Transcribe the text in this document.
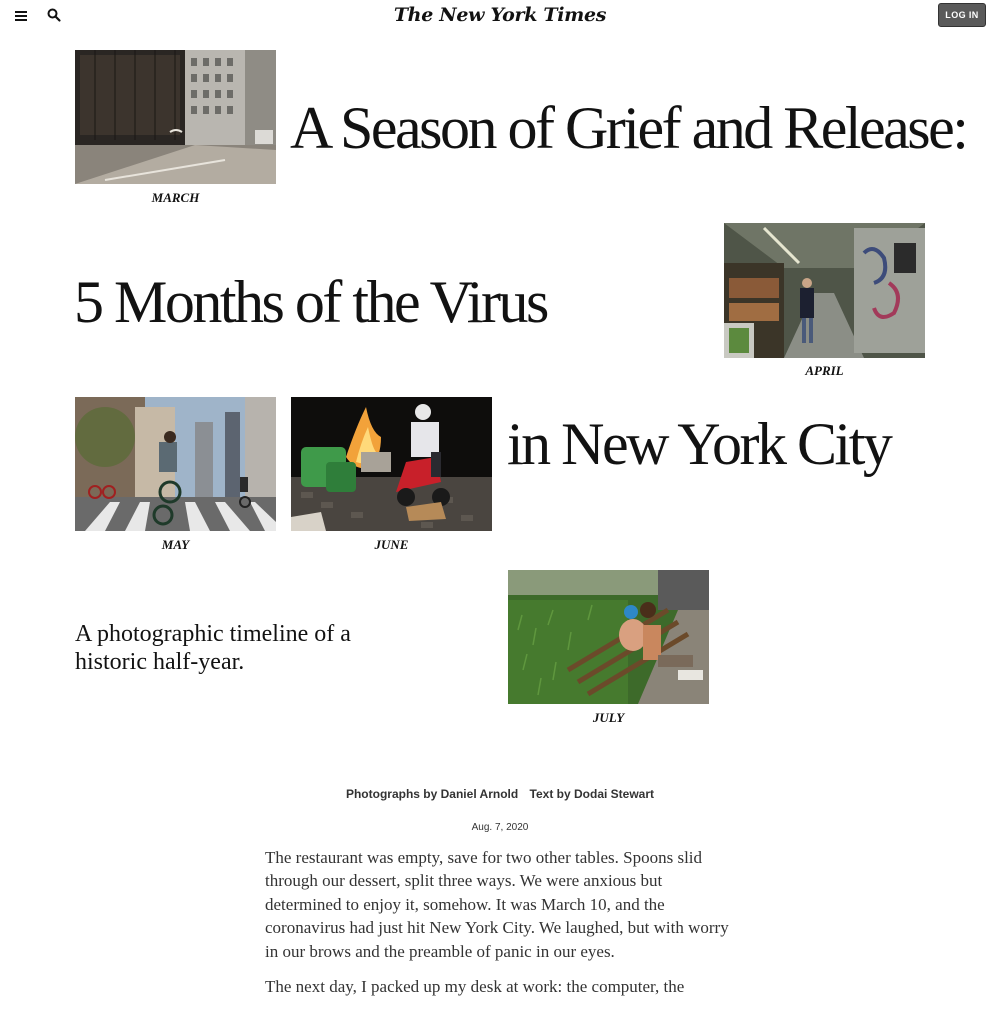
The New York Times	LOG IN
MARCH
A Season of Grief and Release:
APRIL
5 Months of the Virus
MAY	JUNE
in New York City

A photographic timeline of a historic half-year.

JULY
Photographs by Daniel Arnold Text by Dodai Stewart
Aug. 7, 2020

The restaurant was empty, save for two other tables. Spoons slid through our dessert, split three ways. We were anxious but determined to enjoy it, somehow. It was March 10, and the coronavirus had just hit New York City. We laughed, but with worry in our brows and the preamble of panic in our eyes.

The next day, I packed up my desk at work: the computer, the
